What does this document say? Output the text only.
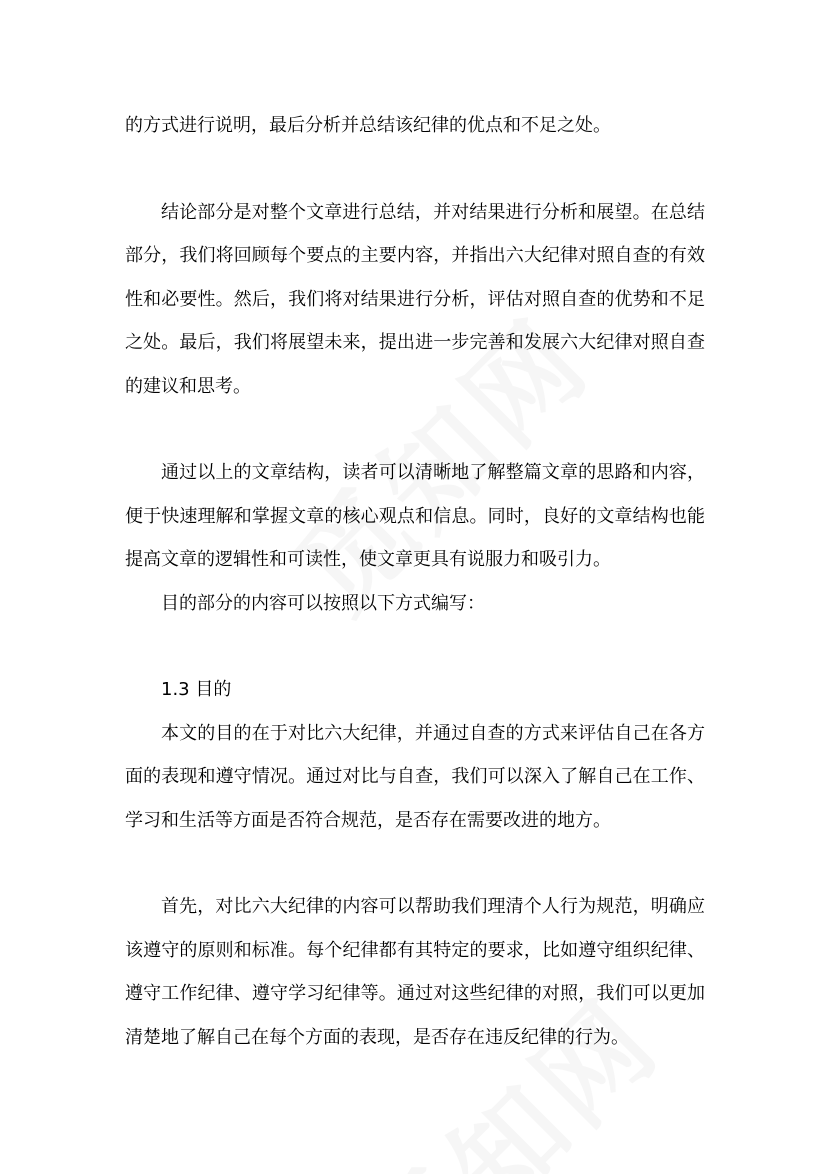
的方式进行说明，最后分析并总结该纪律的优点和不足之处。

结论部分是对整个文章进行总结，并对结果进行分析和展望。在总结部分，我们将回顾每个要点的主要内容，并指出六大纪律对照自查的有效性和必要性。然后，我们将对结果进行分析，评估对照自查的优势和不足之处。最后，我们将展望未来，提出进一步完善和发展六大纪律对照自查的建议和思考。

通过以上的文章结构，读者可以清晰地了解整篇文章的思路和内容，便于快速理解和掌握文章的核心观点和信息。同时，良好的文章结构也能提高文章的逻辑性和可读性，使文章更具有说服力和吸引力。

目的部分的内容可以按照以下方式编写：

1.3 目的

本文的目的在于对比六大纪律，并通过自查的方式来评估自己在各方面的表现和遵守情况。通过对比与自查，我们可以深入了解自己在工作、学习和生活等方面是否符合规范，是否存在需要改进的地方。

首先，对比六大纪律的内容可以帮助我们理清个人行为规范，明确应该遵守的原则和标准。每个纪律都有其特定的要求，比如遵守组织纪律、遵守工作纪律、遵守学习纪律等。通过对这些纪律的对照，我们可以更加清楚地了解自己在每个方面的表现，是否存在违反纪律的行为。
